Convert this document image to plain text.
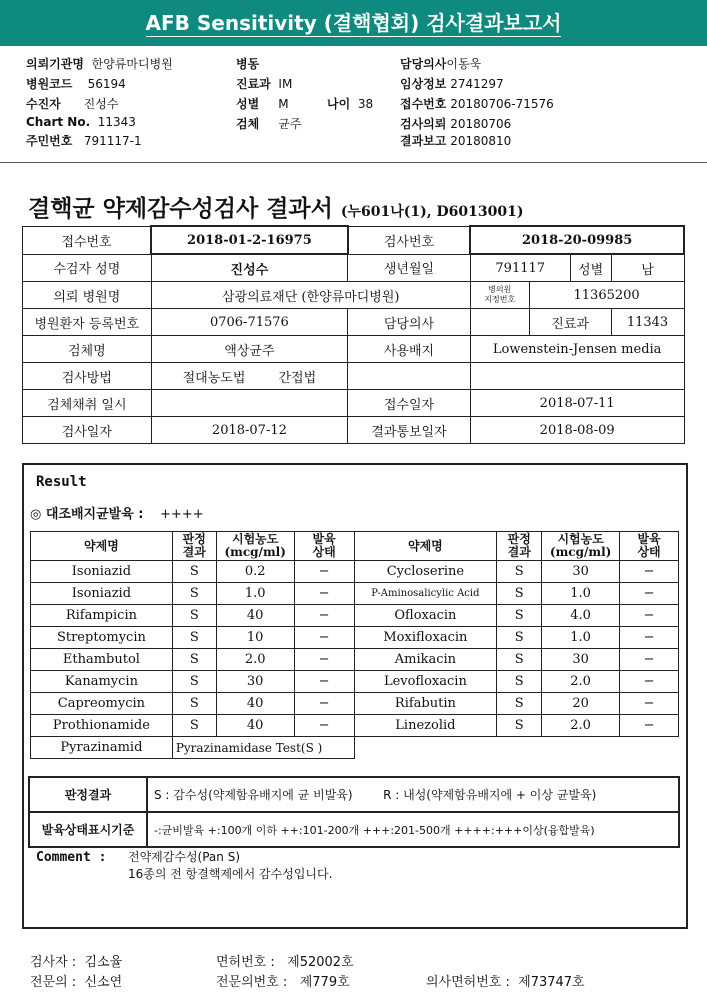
AFB Sensitivity (결핵협회) 검사결과보고서
의뢰기관명 한양류마디병원
병원코드 56194
수진자 진성수
Chart No. 11343
주민번호 791117-1
병동
진료과 IM
성별 M	나이 38
검체 균주
담당의사이동욱
임상정보 2741297
접수번호 20180706-71576
검사의뢰 20180706
결과보고 20180810
결핵균 약제감수성검사 결과서 (누601나(1), D6013001)
접수번호	2018-01-2-16975	검사번호	2018-20-09985			
수검자 성명	진성수	생년월일	791117		성별	남
의뢰 병원명	삼광의료재단 (한양류마디병원)		병의원
지정번호	11365200		
병원환자 등록번호	0706-71576	담당의사		진료과		11343
검체명	액상균주	사용배지	Lowenstein-Jensen media			
검사방법	절대농도법 간접법					
검체채취 일시		접수일자	2018-07-11			
검사일자	2018-07-12	결과통보일자	2018-08-09			
Result
◎ 대조배지균발육 : ++++
약제명	판정
결과	시험농도
(mcg/ml)	발육
상태	약제명	판정
결과	시험농도
(mcg/ml)	발육
상태
Isoniazid	S	0.2	−	Cycloserine	S	30	−
Isoniazid	S	1.0	−	P-Aminosalicylic Acid	S	1.0	−
Rifampicin	S	40	−	Ofloxacin	S	4.0	−
Streptomycin	S	10	−	Moxifloxacin	S	1.0	−
Ethambutol	S	2.0	−	Amikacin	S	30	−
Kanamycin	S	30	−	Levofloxacin	S	2.0	−
Capreomycin	S	40	−	Rifabutin	S	20	−
Prothionamide	S	40	−	Linezolid	S	2.0	−
Pyrazinamid	Pyrazinamidase Test(S )						
판정결과	S : 감수성(약제함유배지에 균 비발육) R : 내성(약제함유배지에 + 이상 균발육)
발육상태표시기준	-:균비발육 +:100개 이하 ++:101-200개 +++:201-500개 ++++:+++이상(융합발육)
Comment : 전약제감수성(Pan S)
16종의 전 항결핵제에서 감수성입니다.
검사자 : 김소율	면허번호 : 제52002호
전문의 : 신소연	전문의번호 : 제779호	의사면허번호 : 제73747호
